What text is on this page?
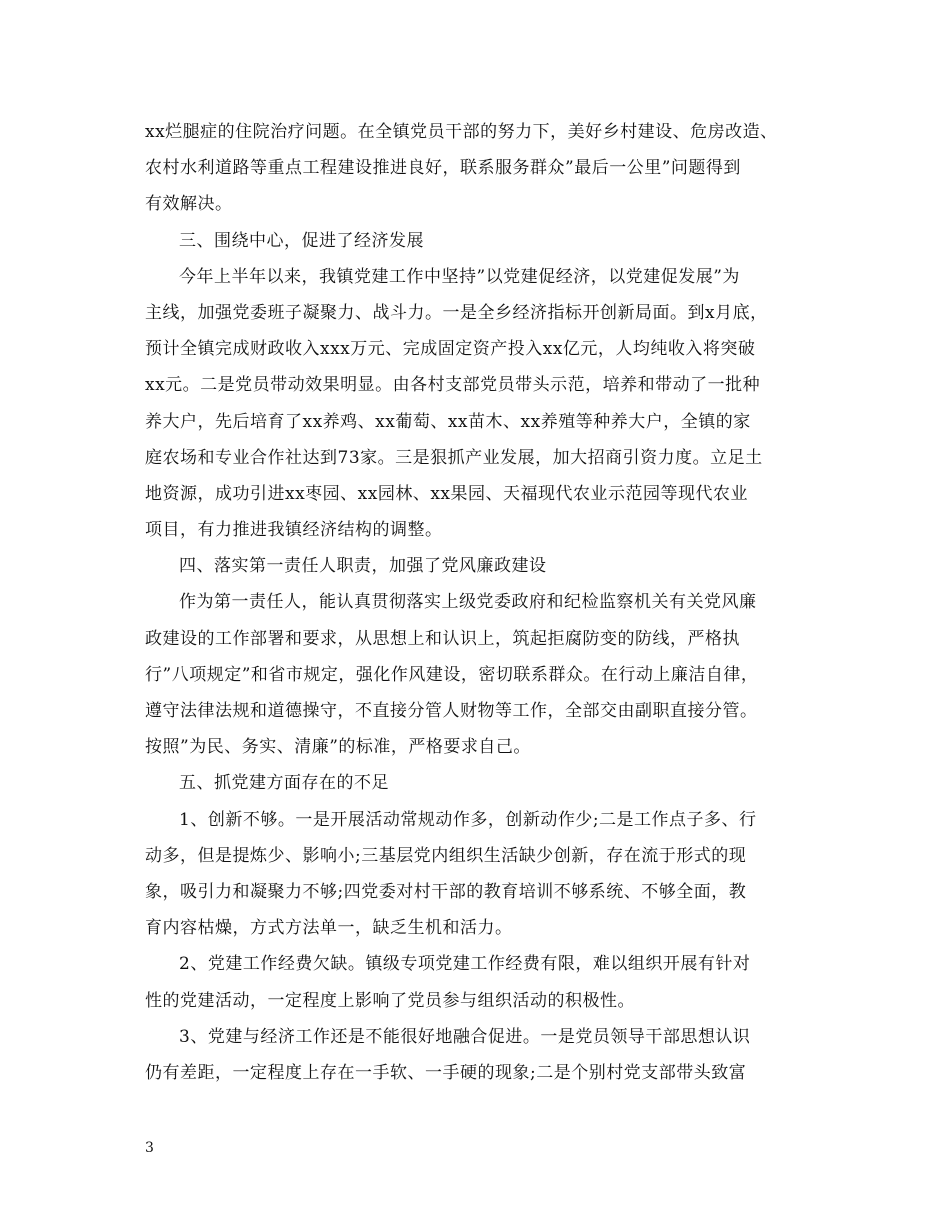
xx烂腿症的住院治疗问题。在全镇党员干部的努力下，美好乡村建设、危房改造、
农村水利道路等重点工程建设推进良好，联系服务群众”最后一公里”问题得到
有效解决。
三、围绕中心，促进了经济发展
今年上半年以来，我镇党建工作中坚持”以党建促经济，以党建促发展”为
主线，加强党委班子凝聚力、战斗力。一是全乡经济指标开创新局面。到x月底，
预计全镇完成财政收入xxx万元、完成固定资产投入xx亿元，人均纯收入将突破
xx元。二是党员带动效果明显。由各村支部党员带头示范，培养和带动了一批种
养大户，先后培育了xx养鸡、xx葡萄、xx苗木、xx养殖等种养大户，全镇的家
庭农场和专业合作社达到73家。三是狠抓产业发展，加大招商引资力度。立足土
地资源，成功引进xx枣园、xx园林、xx果园、天福现代农业示范园等现代农业
项目，有力推进我镇经济结构的调整。
四、落实第一责任人职责，加强了党风廉政建设
作为第一责任人，能认真贯彻落实上级党委政府和纪检监察机关有关党风廉
政建设的工作部署和要求，从思想上和认识上，筑起拒腐防变的防线，严格执
行”八项规定”和省市规定，强化作风建设，密切联系群众。在行动上廉洁自律，
遵守法律法规和道德操守，不直接分管人财物等工作，全部交由副职直接分管。
按照”为民、务实、清廉”的标准，严格要求自己。
五、抓党建方面存在的不足
1、创新不够。一是开展活动常规动作多，创新动作少;二是工作点子多、行
动多，但是提炼少、影响小;三基层党内组织生活缺少创新，存在流于形式的现
象，吸引力和凝聚力不够;四党委对村干部的教育培训不够系统、不够全面，教
育内容枯燥，方式方法单一，缺乏生机和活力。
2、党建工作经费欠缺。镇级专项党建工作经费有限，难以组织开展有针对
性的党建活动，一定程度上影响了党员参与组织活动的积极性。
3、党建与经济工作还是不能很好地融合促进。一是党员领导干部思想认识
仍有差距，一定程度上存在一手软、一手硬的现象;二是个别村党支部带头致富
3
